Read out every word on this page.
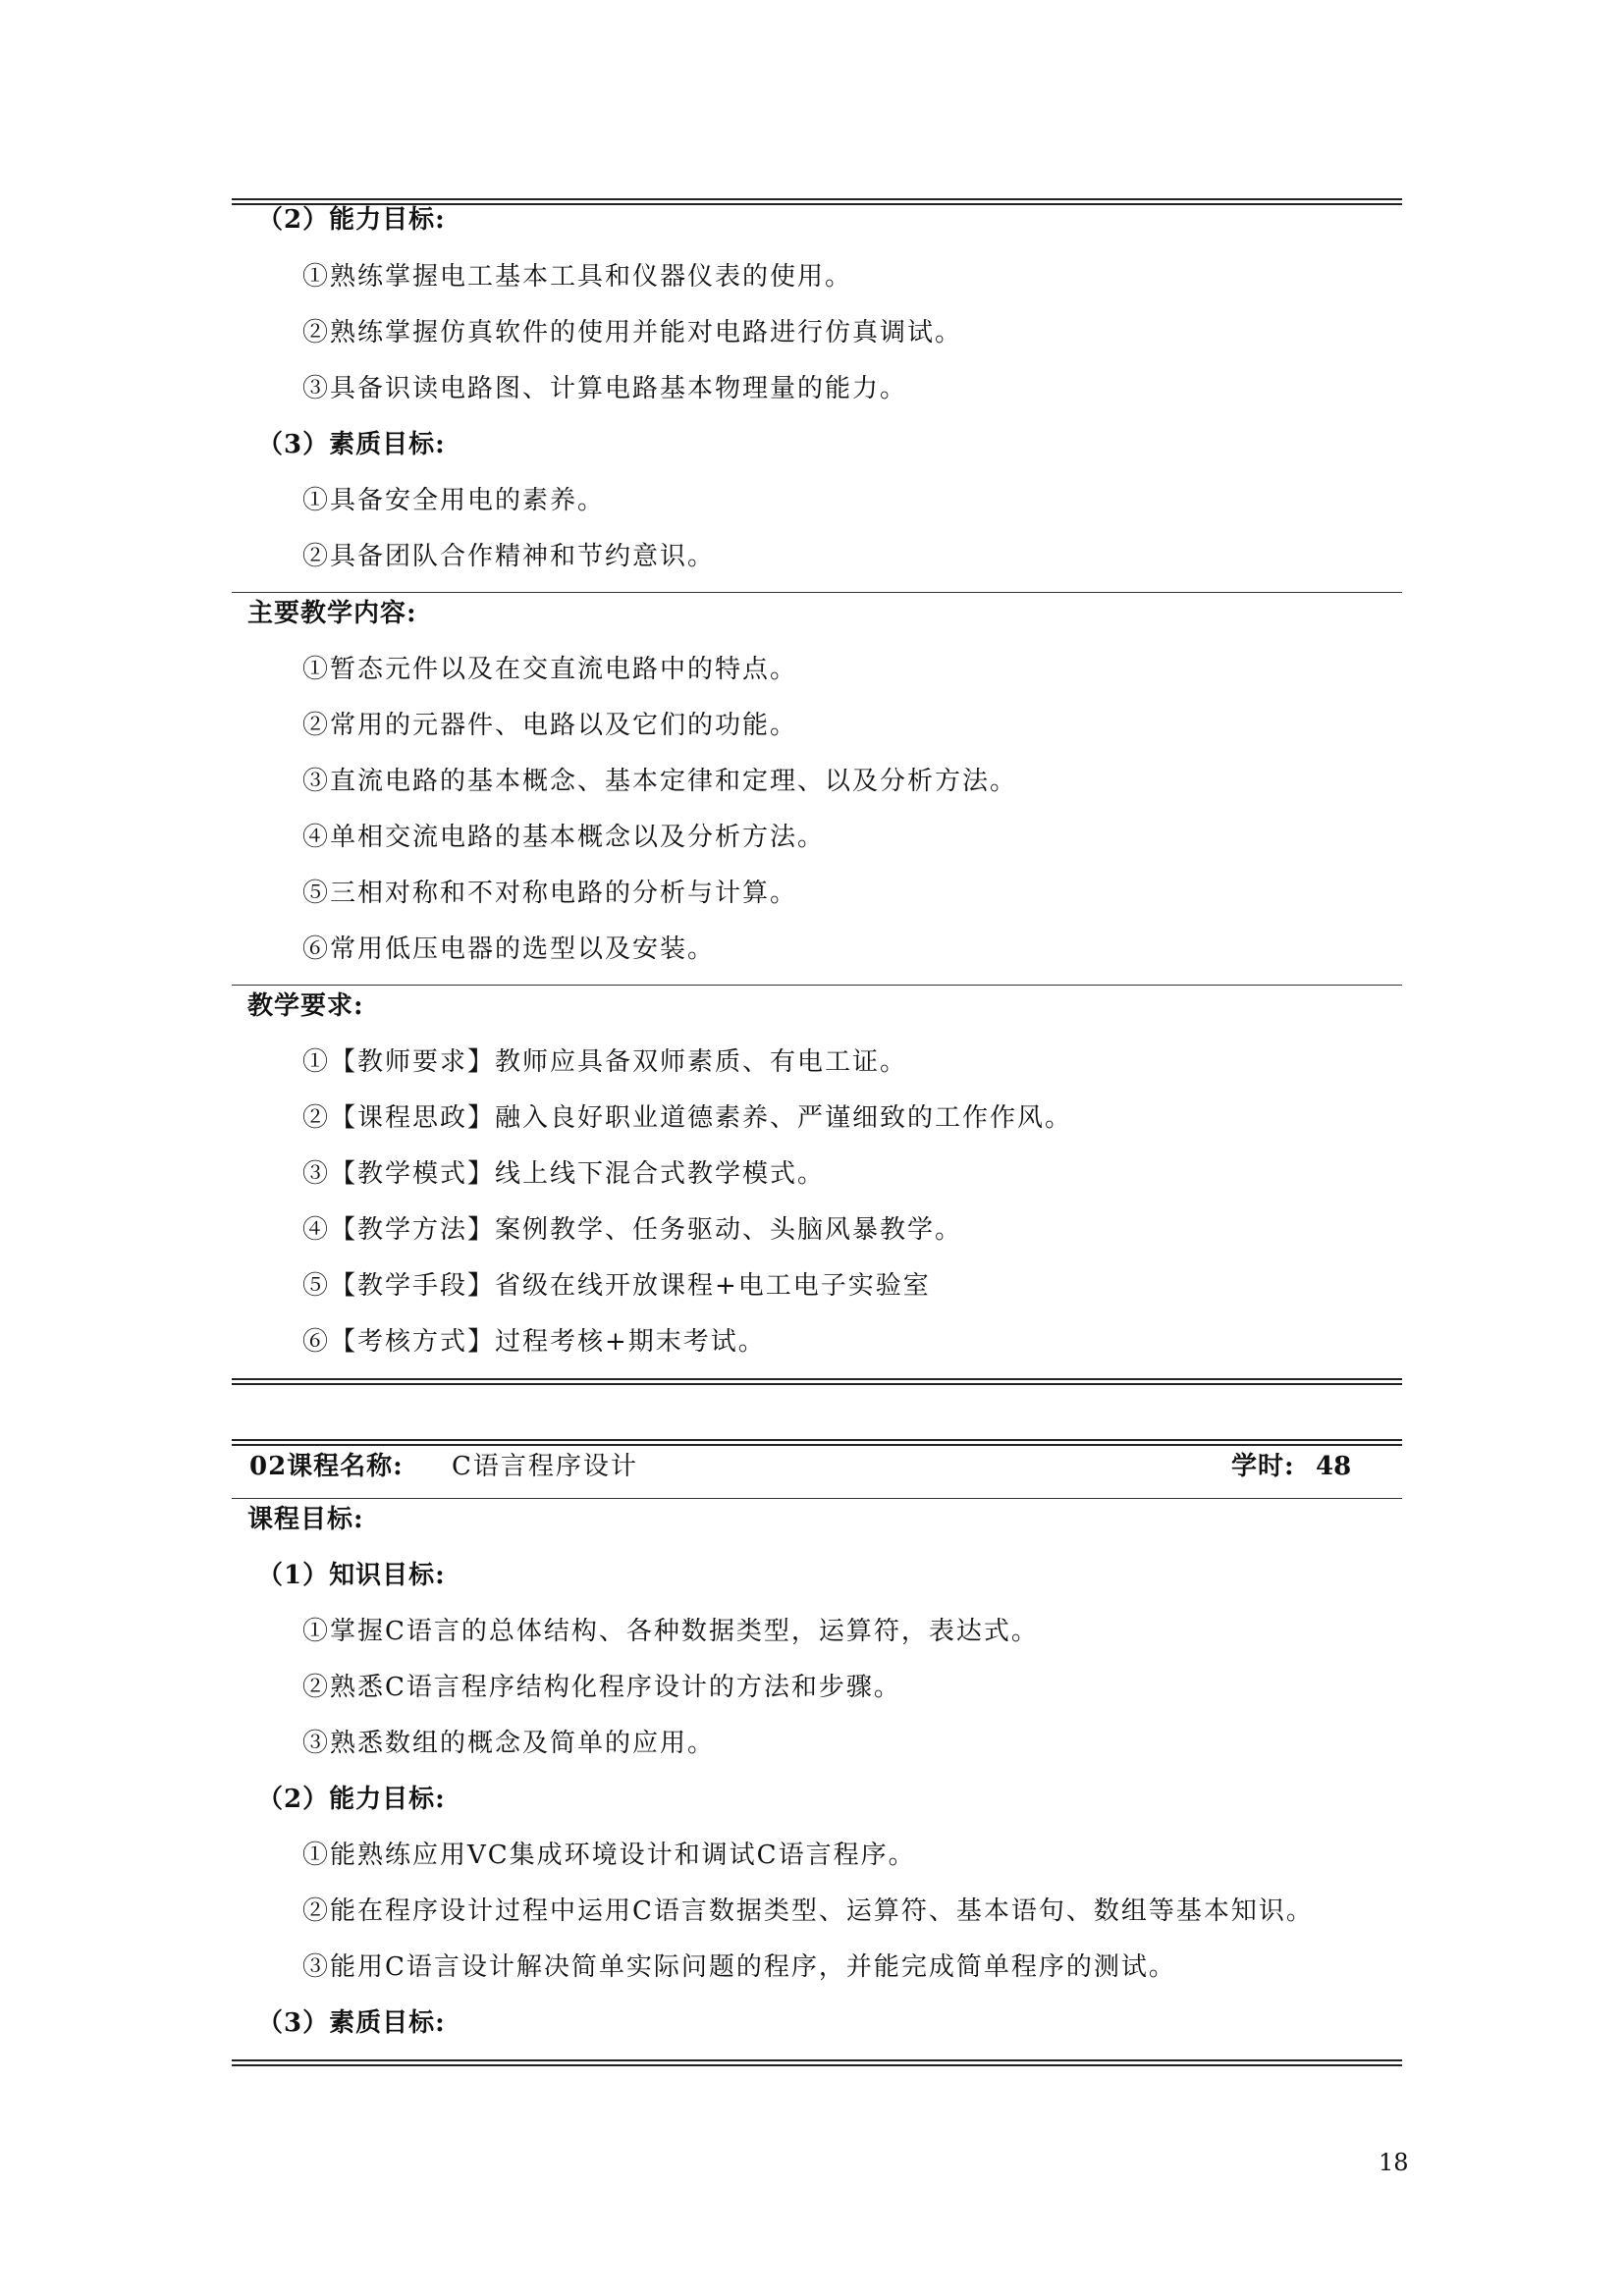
（2）能力目标:
①熟练掌握电工基本工具和仪器仪表的使用。
②熟练掌握仿真软件的使用并能对电路进行仿真调试。
③具备识读电路图、计算电路基本物理量的能力。
（3）素质目标:
①具备安全用电的素养。
②具备团队合作精神和节约意识。
主要教学内容:
①暂态元件以及在交直流电路中的特点。
②常用的元器件、电路以及它们的功能。
③直流电路的基本概念、基本定律和定理、以及分析方法。
④单相交流电路的基本概念以及分析方法。
⑤三相对称和不对称电路的分析与计算。
⑥常用低压电器的选型以及安装。
教学要求:
①【教师要求】教师应具备双师素质、有电工证。
②【课程思政】融入良好职业道德素养、严谨细致的工作作风。
③【教学模式】线上线下混合式教学模式。
④【教学方法】案例教学、任务驱动、头脑风暴教学。
⑤【教学手段】省级在线开放课程+电工电子实验室
⑥【考核方式】过程考核+期末考试。
02课程名称: C语言程序设计	学时: 48
课程目标:
（1）知识目标:
①掌握C语言的总体结构、各种数据类型，运算符，表达式。
②熟悉C语言程序结构化程序设计的方法和步骤。
③熟悉数组的概念及简单的应用。
（2）能力目标:
①能熟练应用VC集成环境设计和调试C语言程序。
②能在程序设计过程中运用C语言数据类型、运算符、基本语句、数组等基本知识。
③能用C语言设计解决简单实际问题的程序，并能完成简单程序的测试。
（3）素质目标:
18
